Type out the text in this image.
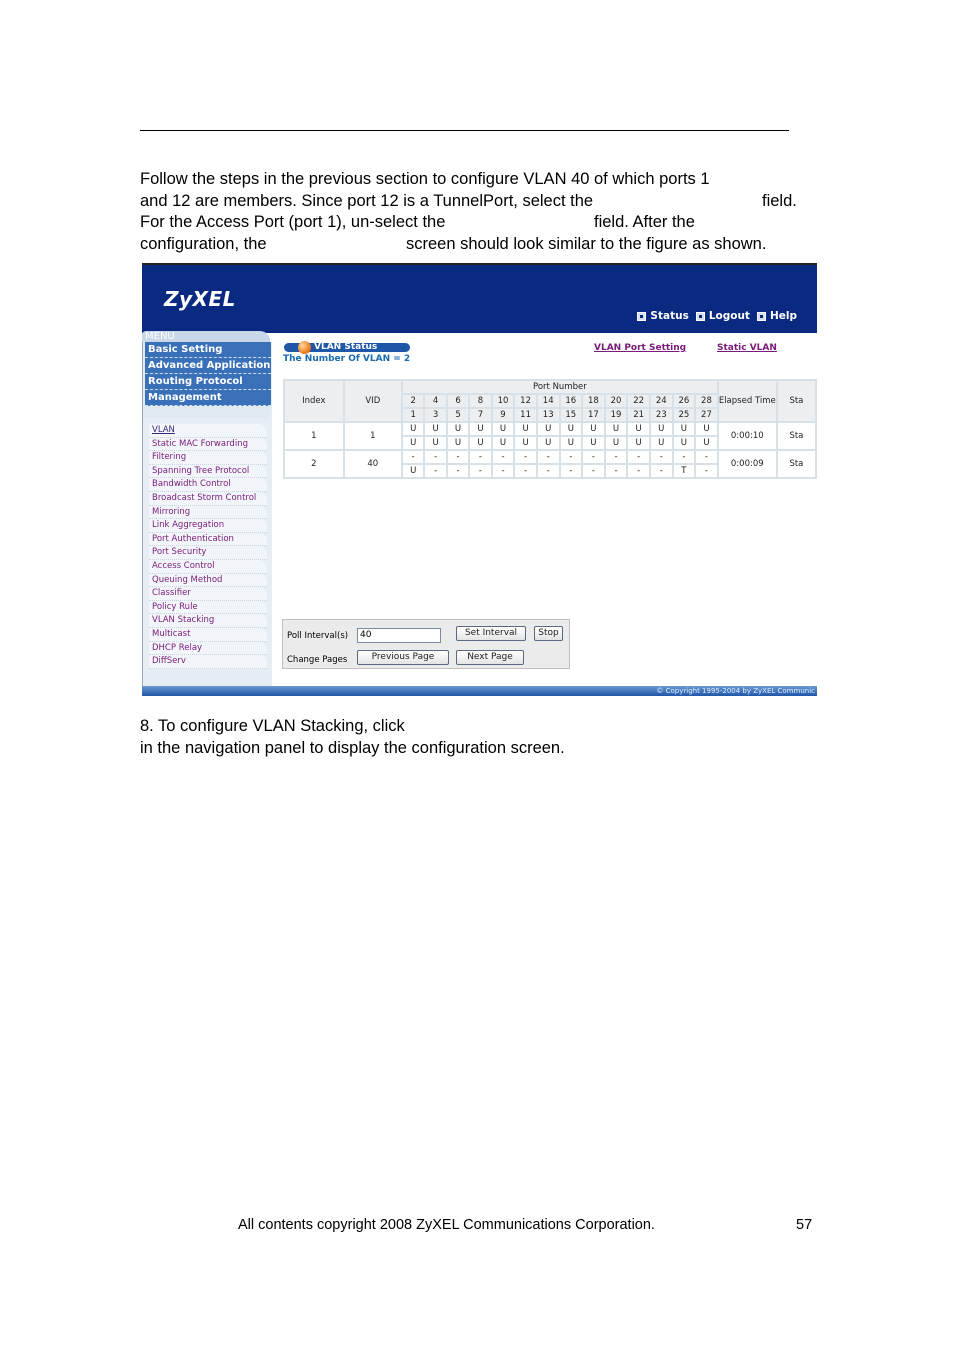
Follow the steps in the previous section to configure VLAN 40 of which ports 1
and 12 are members. Since port 12 is a TunnelPort, select the	field.
For the Access Port (port 1), un-select the	field. After the
configuration, the	screen should look similar to the figure as shown.
ZyXEL
Status Logout Help
MENU
Basic Setting
Advanced Application
Routing Protocol
Management
VLAN
Static MAC Forwarding
Filtering
Spanning Tree Protocol
Bandwidth Control
Broadcast Storm Control
Mirroring
Link Aggregation
Port Authentication
Port Security
Access Control
Queuing Method
Classifier
Policy Rule
VLAN Stacking
Multicast
DHCP Relay
DiffServ
VLAN Status
The Number Of VLAN = 2
VLAN Port Setting	Static VLAN
Index	VID	Port Number														Elapsed Time	Sta
		2	4	6	8	10	12	14	16	18	20	22	24	26	28		
		1	3	5	7	9	11	13	15	17	19	21	23	25	27		
1	1	U	U	U	U	U	U	U	U	U	U	U	U	U	U	0:00:10	Sta
		U	U	U	U	U	U	U	U	U	U	U	U	U	U		
2	40	-	-	-	-	-	-	-	-	-	-	-	-	-	-	0:00:09	Sta
		U	-	-	-	-	-	-	-	-	-	-	-	T	-		
Poll Interval(s)	40	Set Interval	Stop
Change Pages	Previous Page	Next Page
© Copyright 1995-2004 by ZyXEL Communic
8. To configure VLAN Stacking, click
in the navigation panel to display the configuration screen.
All contents copyright 2008 ZyXEL Communications Corporation.	57
